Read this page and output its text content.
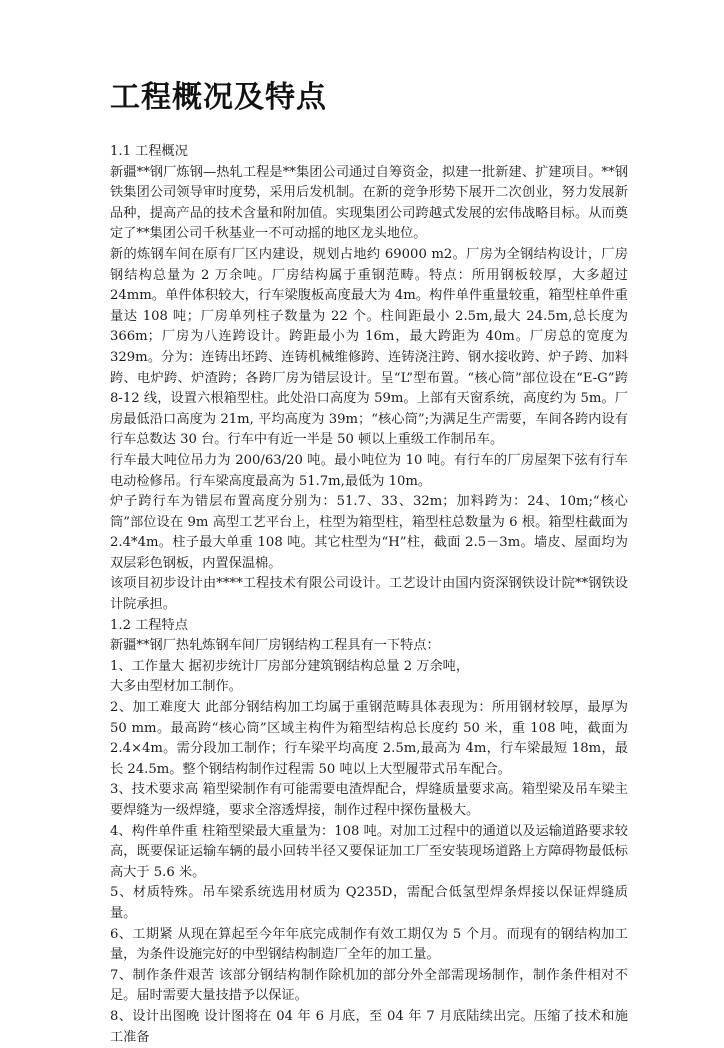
工程概况及特点

1.1 工程概况

新疆**钢厂炼钢—热轧工程是**集团公司通过自筹资金，拟建一批新建、扩建项目。**钢铁集团公司领导审时度势，采用后发机制。在新的竞争形势下展开二次创业，努力发展新品种，提高产品的技术含量和附加值。实现集团公司跨越式发展的宏伟战略目标。从而奠定了**集团公司千秋基业一不可动摇的地区龙头地位。

新的炼钢车间在原有厂区内建设，规划占地约 69000 m2。厂房为全钢结构设计，厂房钢结构总量为 2 万余吨。厂房结构属于重钢范畴。特点：所用钢板较厚，大多超过 24mm。单件体积较大，行车梁腹板高度最大为 4m。构件单件重量较重，箱型柱单件重量达 108 吨；厂房单列柱子数量为 22 个。柱间距最小 2.5m,最大 24.5m,总长度为 366m；厂房为八连跨设计。跨距最小为 16m，最大跨距为 40m。厂房总的宽度为 329m。分为：连铸出坯跨、连铸机械维修跨、连铸浇注跨、钢水接收跨、炉子跨、加料跨、电炉跨、炉渣跨；各跨厂房为错层设计。呈“L”型布置。“核心筒”部位设在“E-G”跨 8-12 线，设置六根箱型柱。此处沿口高度为 59m。上部有天窗系统，高度约为 5m。厂房最低沿口高度为 21m, 平均高度为 39m；“核心筒”;为满足生产需要，车间各跨内设有行车总数达 30 台。行车中有近一半是 50 顿以上重级工作制吊车。

行车最大吨位吊力为 200/63/20 吨。最小吨位为 10 吨。有行车的厂房屋架下弦有行车电动检修吊。行车梁高度最高为 51.7m,最低为 10m。

炉子跨行车为错层布置高度分别为：51.7、33、32m；加料跨为：24、10m;“核心筒”部位设在 9m 高型工艺平台上，柱型为箱型柱，箱型柱总数量为 6 根。箱型柱截面为 2.4*4m。柱子最大单重 108 吨。其它柱型为“H”柱，截面 2.5－3m。墙皮、屋面均为双层彩色钢板，内置保温棉。

该项目初步设计由****工程技术有限公司设计。工艺设计由国内资深钢铁设计院**钢铁设计院承担。

1.2 工程特点

新疆**钢厂热轧炼钢车间厂房钢结构工程具有一下特点：

1、工作量大 据初步统计厂房部分建筑钢结构总量 2 万余吨，

大多由型材加工制作。

2、加工难度大 此部分钢结构加工均属于重钢范畴具体表现为：所用钢材较厚，最厚为 50 mm。最高跨“核心筒”区域主构件为箱型结构总长度约 50 米，重 108 吨，截面为 2.4×4m。需分段加工制作；行车梁平均高度 2.5m,最高为 4m，行车梁最短 18m，最长 24.5m。整个钢结构制作过程需 50 吨以上大型履带式吊车配合。

3、技术要求高 箱型梁制作有可能需要电渣焊配合，焊缝质量要求高。箱型梁及吊车梁主要焊缝为一级焊缝，要求全溶透焊接，制作过程中探伤量极大。

4、构件单件重 柱箱型梁最大重量为：108 吨。对加工过程中的通道以及运输道路要求较高，既要保证运输车辆的最小回转半径又要保证加工厂至安装现场道路上方障碍物最低标高大于 5.6 米。

5、材质特殊。吊车梁系统选用材质为 Q235D，需配合低氢型焊条焊接以保证焊缝质量。

6、工期紧 从现在算起至今年年底完成制作有效工期仅为 5 个月。而现有的钢结构加工量，为条件设施完好的中型钢结构制造厂全年的加工量。

7、制作条件艰苦 该部分钢结构制作除机加的部分外全部需现场制作，制作条件相对不足。届时需要大量技措予以保证。

8、设计出图晚 设计图将在 04 年 6 月底，至 04 年 7 月底陆续出完。压缩了技术和施工准备
